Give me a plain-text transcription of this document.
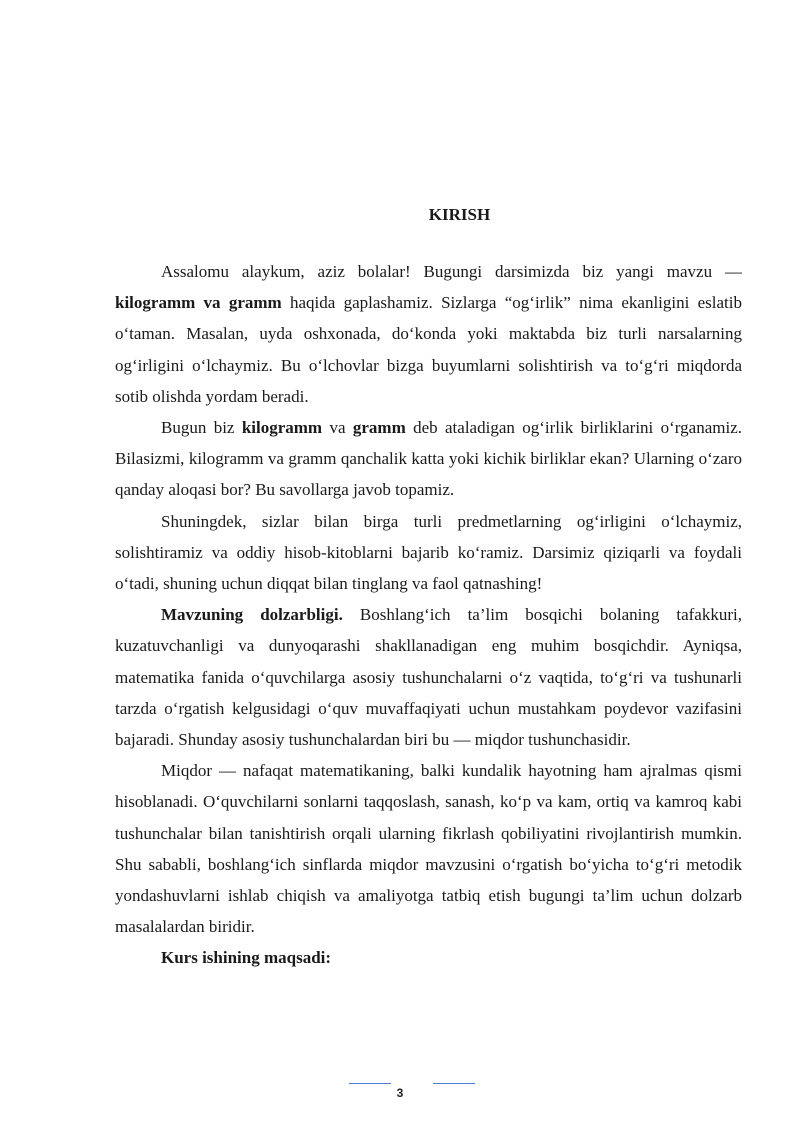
KIRISH

Assalomu alaykum, aziz bolalar! Bugungi darsimizda biz yangi mavzu — kilogramm va gramm haqida gaplashamiz. Sizlarga “og‘irlik” nima ekanligini eslatib o‘taman. Masalan, uyda oshxonada, do‘konda yoki maktabda biz turli narsalarning og‘irligini o‘lchaymiz. Bu o‘lchovlar bizga buyumlarni solishtirish va to‘g‘ri miqdorda sotib olishda yordam beradi.

Bugun biz kilogramm va gramm deb ataladigan og‘irlik birliklarini o‘rganamiz. Bilasizmi, kilogramm va gramm qanchalik katta yoki kichik birliklar ekan? Ularning o‘zaro qanday aloqasi bor? Bu savollarga javob topamiz.

Shuningdek, sizlar bilan birga turli predmetlarning og‘irligini o‘lchaymiz, solishtiramiz va oddiy hisob-kitoblarni bajarib ko‘ramiz. Darsimiz qiziqarli va foydali o‘tadi, shuning uchun diqqat bilan tinglang va faol qatnashing!

Mavzuning dolzarbligi. Boshlang‘ich ta’lim bosqichi bolaning tafakkuri, kuzatuvchanligi va dunyoqarashi shakllanadigan eng muhim bosqichdir. Ayniqsa, matematika fanida o‘quvchilarga asosiy tushunchalarni o‘z vaqtida, to‘g‘ri va tushunarli tarzda o‘rgatish kelgusidagi o‘quv muvaffaqiyati uchun mustahkam poydevor vazifasini bajaradi. Shunday asosiy tushunchalardan biri bu — miqdor tushunchasidir.

Miqdor — nafaqat matematikaning, balki kundalik hayotning ham ajralmas qismi hisoblanadi. O‘quvchilarni sonlarni taqqoslash, sanash, ko‘p va kam, ortiq va kamroq kabi tushunchalar bilan tanishtirish orqali ularning fikrlash qobiliyatini rivojlantirish mumkin. Shu sababli, boshlang‘ich sinflarda miqdor mavzusini o‘rgatish bo‘yicha to‘g‘ri metodik yondashuvlarni ishlab chiqish va amaliyotga tatbiq etish bugungi ta’lim uchun dolzarb masalalardan biridir.

Kurs ishining maqsadi:

3
